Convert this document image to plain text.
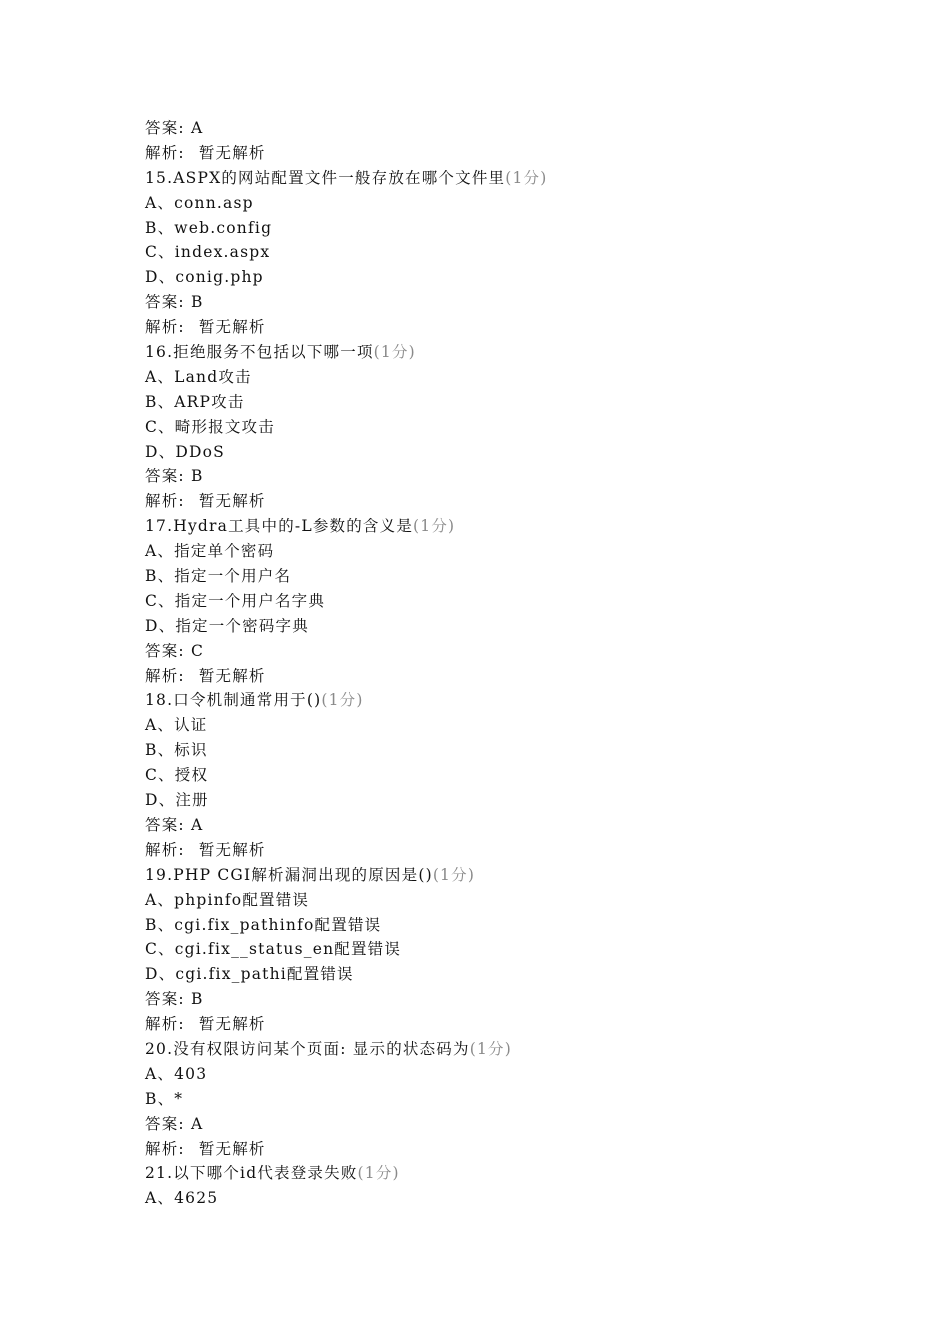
答案: A
解析: 暂无解析
15.ASPX的网站配置文件一般存放在哪个文件里(1分)
A、conn.asp
B、web.config
C、index.aspx
D、conig.php
答案: B
解析: 暂无解析
16.拒绝服务不包括以下哪一项(1分)
A、Land攻击
B、ARP攻击
C、畸形报文攻击
D、DDoS
答案: B
解析: 暂无解析
17.Hydra工具中的-L参数的含义是(1分)
A、指定单个密码
B、指定一个用户名
C、指定一个用户名字典
D、指定一个密码字典
答案: C
解析: 暂无解析
18.口令机制通常用于()(1分)
A、认证
B、标识
C、授权
D、注册
答案: A
解析: 暂无解析
19.PHP CGI解析漏洞出现的原因是()(1分)
A、phpinfo配置错误
B、cgi.fix_pathinfo配置错误
C、cgi.fix__status_en配置错误
D、cgi.fix_pathi配置错误
答案: B
解析: 暂无解析
20.没有权限访问某个页面: 显示的状态码为(1分)
A、403
B、*
答案: A
解析: 暂无解析
21.以下哪个id代表登录失败(1分)
A、4625
